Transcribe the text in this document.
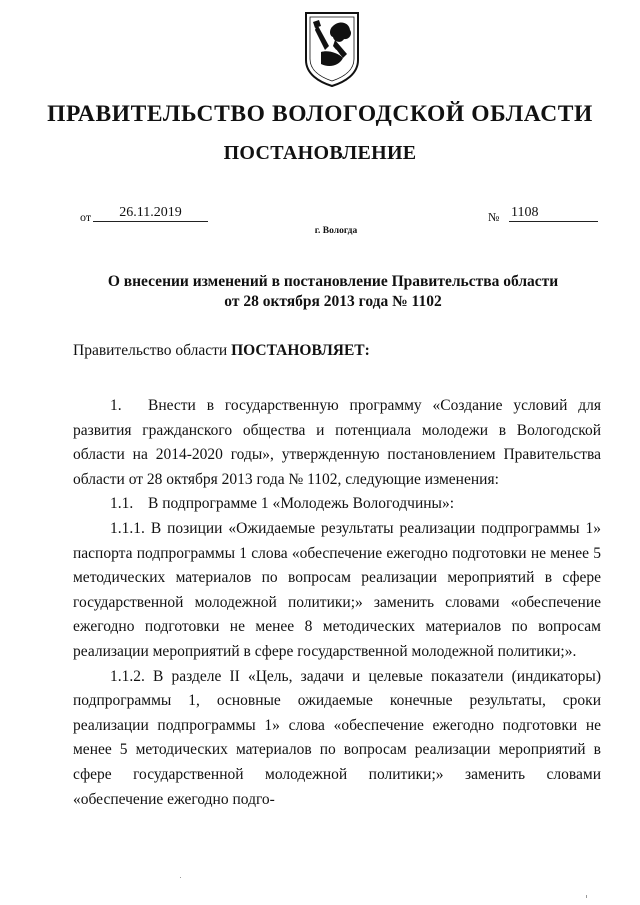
ПРАВИТЕЛЬСТВО ВОЛОГОДСКОЙ ОБЛАСТИ
ПОСТАНОВЛЕНИЕ
от	26.11.2019	№ 1108
г. Вологда
О внесении изменений в постановление Правительства области
от 28 октября 2013 года № 1102
Правительство области ПОСТАНОВЛЯЕТ:

1. Внести в государственную программу «Создание условий для развития гражданского общества и потенциала молодежи в Вологодской области на 2014-2020 годы», утвержденную постановлением Правительства области от 28 октября 2013 года № 1102, следующие изменения:

1.1. В подпрограмме 1 «Молодежь Вологодчины»:

1.1.1. В позиции «Ожидаемые результаты реализации подпрограммы 1» паспорта подпрограммы 1 слова «обеспечение ежегодно подготовки не менее 5 методических материалов по вопросам реализации мероприятий в сфере государственной молодежной политики;» заменить словами «обеспечение ежегодно подготовки не менее 8 методических материалов по вопросам реализации мероприятий в сфере государственной молодежной политики;».

1.1.2. В разделе II «Цель, задачи и целевые показатели (индикаторы) подпрограммы 1, основные ожидаемые конечные результаты, сроки реализации подпрограммы 1» слова «обеспечение ежегодно подготовки не менее 5 методических материалов по вопросам реализации мероприятий в сфере государственной молодежной политики;» заменить словами «обеспечение ежегодно подго-
